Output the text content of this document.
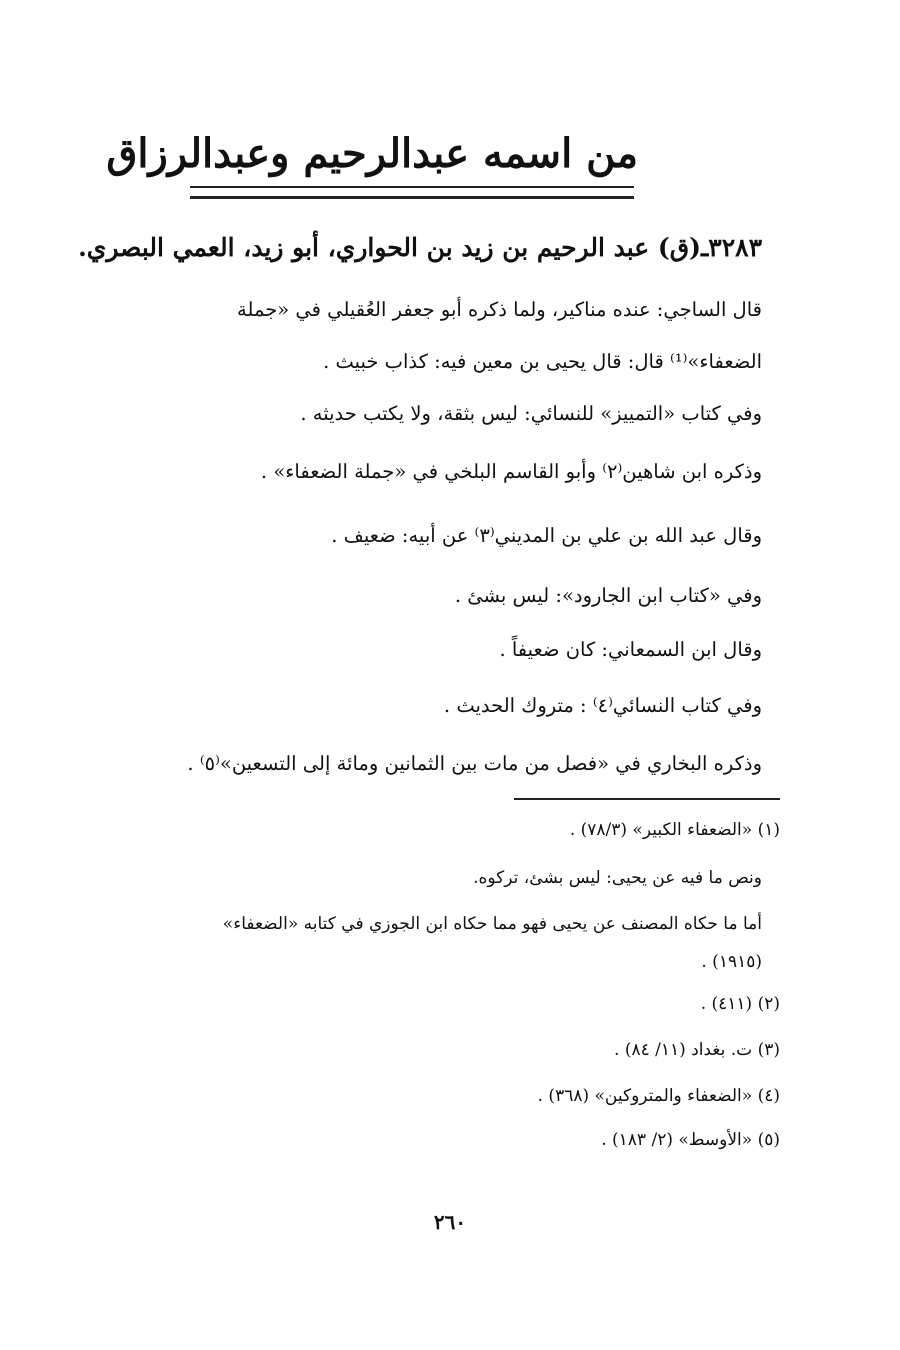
من اسمه عبدالرحيم وعبدالرزاق
٣٢٨٣ـ(ق) عبد الرحيم بن زيد بن الحواري، أبو زيد، العمي البصري.
قال الساجي: عنده مناكير، ولما ذكره أبو جعفر العُقيلي في «جملة
الضعفاء»⁽¹⁾ قال: قال يحيى بن معين فيه: كذاب خبيث .
وفي كتاب «التمييز» للنسائي: ليس بثقة، ولا يكتب حديثه .
وذكره ابن شاهين⁽٢⁾ وأبو القاسم البلخي في «جملة الضعفاء» .
وقال عبد الله بن علي بن المديني⁽٣⁾ عن أبيه: ضعيف .
وفي «كتاب ابن الجارود»: ليس بشئ .
وقال ابن السمعاني: كان ضعيفاً .
وفي كتاب النسائي⁽٤⁾ : متروك الحديث .
وذكره البخاري في «فصل من مات بين الثمانين ومائة إلى التسعين»⁽٥⁾ .
(١) «الضعفاء الكبير» (٧٨/٣) .
ونص ما فيه عن يحيى: ليس بشئ، تركوه.
أما ما حكاه المصنف عن يحيى فهو مما حكاه ابن الجوزي في كتابه «الضعفاء»
(١٩١٥) .
(٢) (٤١١) .
(٣) ت. بغداد (١١/ ٨٤) .
(٤) «الضعفاء والمتروكين» (٣٦٨) .
(٥) «الأوسط» (٢/ ١٨٣) .
٢٦٠
